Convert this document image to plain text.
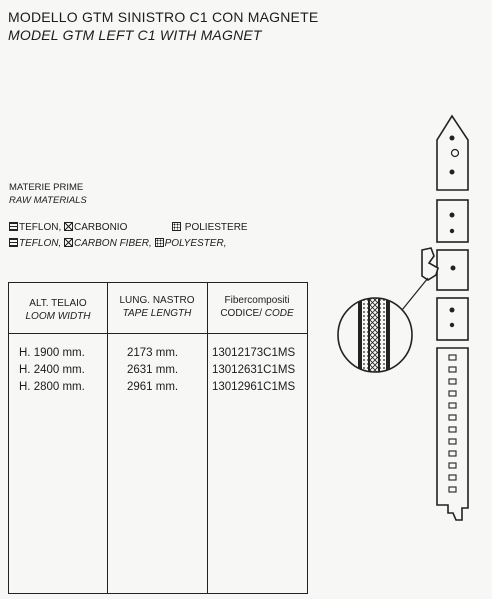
MODELLO GTM SINISTRO C1 CON MAGNETE
MODEL GTM LEFT C1 WITH MAGNET
MATERIE PRIME
RAW MATERIALS
TEFLON, CARBONIO	POLIESTERE
TEFLON, CARBON FIBER, POLYESTER,
ALT. TELAIO
LOOM WIDTH
LUNG. NASTRO
TAPE LENGTH
Fibercompositi
CODICE/ CODE
H. 1900 mm.	2173 mm.	13012173C1MS
H. 2400 mm.	2631 mm.	13012631C1MS
H. 2800 mm.	2961 mm.	13012961C1MS
